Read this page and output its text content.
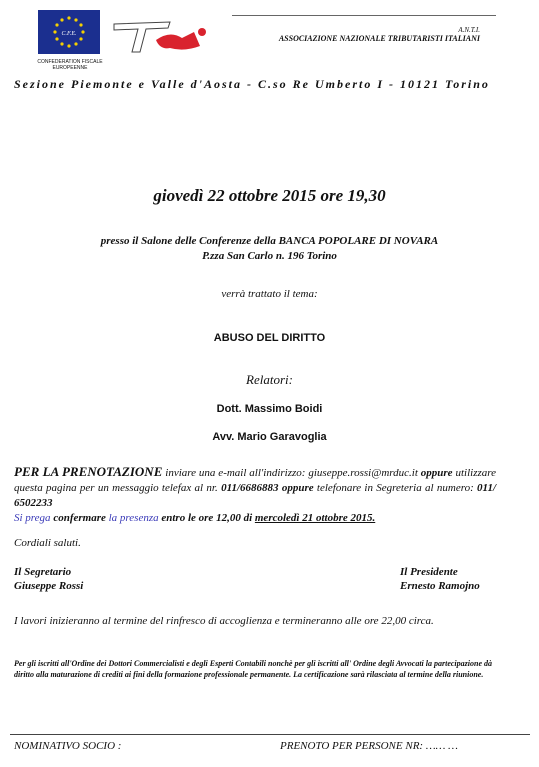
C.F.E.
CONFEDERATION FISCALE EUROPEENNE
A.N.T.I.
ASSOCIAZIONE NAZIONALE TRIBUTARISTI ITALIANI
Sezione Piemonte e Valle d'Aosta - C.so Re Umberto I - 10121 Torino
giovedì 22 ottobre 2015 ore 19,30
presso il Salone delle Conferenze della BANCA POPOLARE DI NOVARA
P.zza San Carlo n. 196 Torino
verrà trattato il tema:
ABUSO DEL DIRITTO
Relatori:
Dott. Massimo Boidi
Avv. Mario Garavoglia
PER LA PRENOTAZIONE inviare una e-mail all'indirizzo: giuseppe.rossi@mrduc.it oppure utilizzare questa pagina per un messaggio telefax al nr. 011/6686883 oppure telefonare in Segreteria al numero: 011/ 6502233
Si prega confermare la presenza entro le ore 12,00 di mercoledì 21 ottobre 2015.
Cordiali saluti.
Il Segretario
Giuseppe Rossi
Il Presidente
Ernesto Ramojno
I lavori inizieranno al termine del rinfresco di accoglienza e termineranno alle ore 22,00 circa.
Per gli iscritti all'Ordine dei Dottori Commercialisti e degli Esperti Contabili nonchè per gli iscritti all' Ordine degli Avvocati la partecipazione dà diritto alla maturazione di crediti ai fini della formazione professionale permanente. La certificazione sarà rilasciata al termine della riunione.
NOMINATIVO SOCIO :	PRENOTO PER PERSONE NR: …… …
